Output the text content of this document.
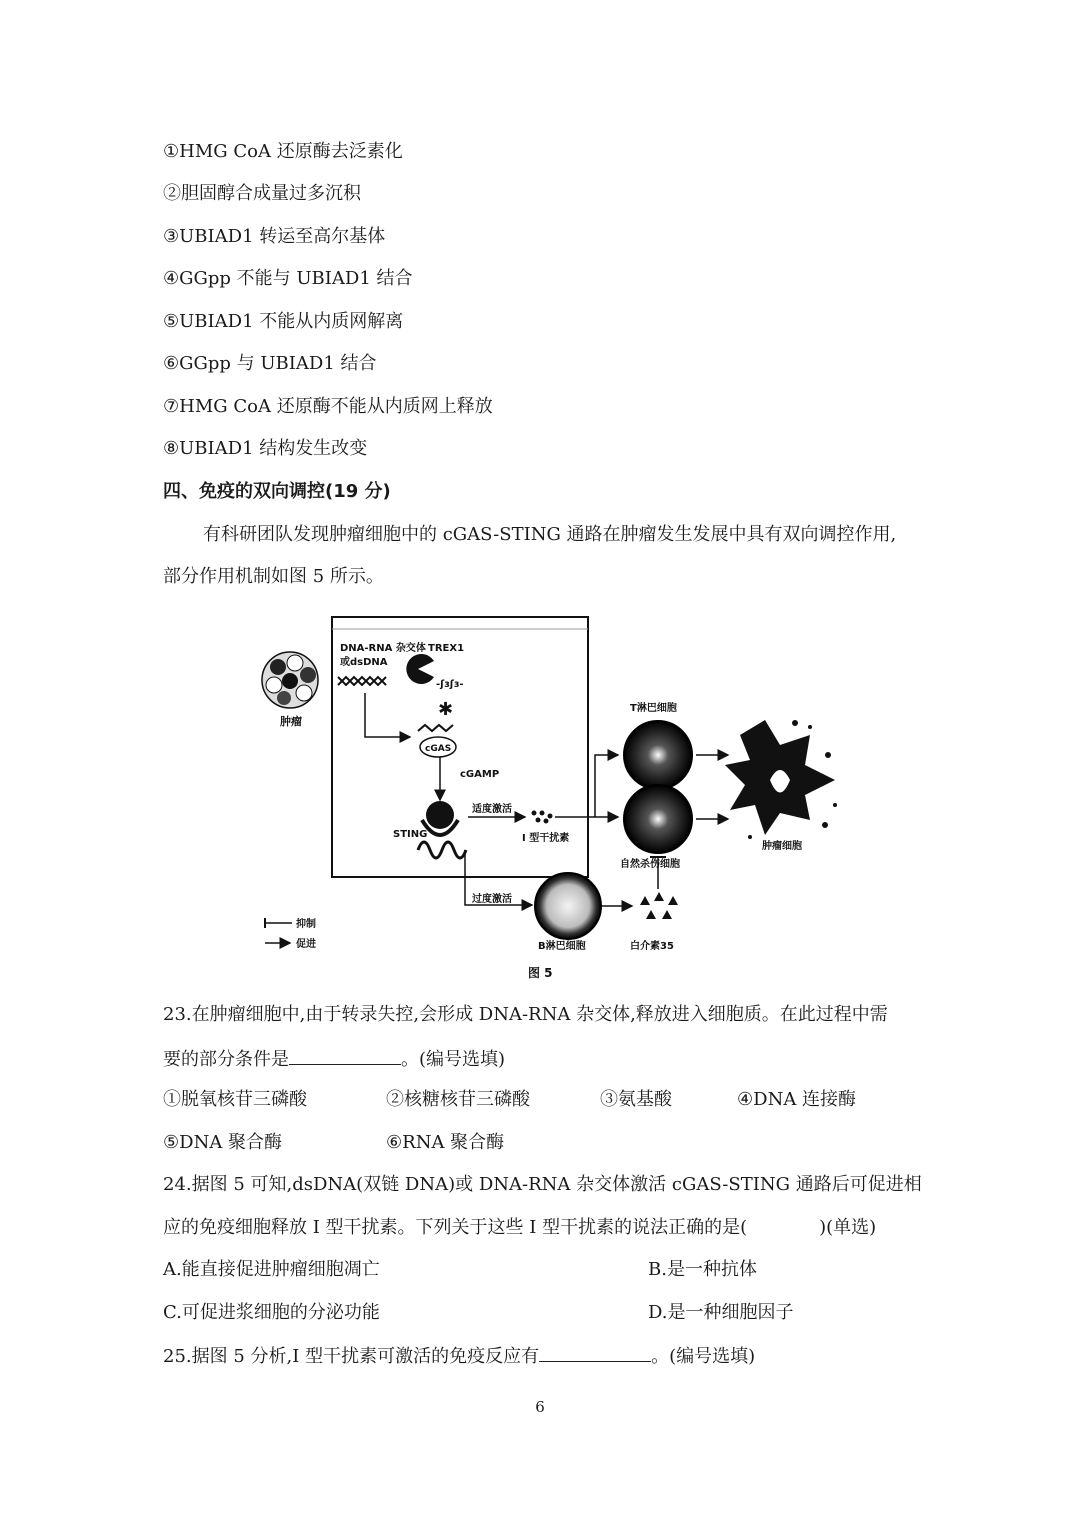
①HMG CoA 还原酶去泛素化
②胆固醇合成量过多沉积
③UBIAD1 转运至高尔基体
④GGpp 不能与 UBIAD1 结合
⑤UBIAD1 不能从内质网解离
⑥GGpp 与 UBIAD1 结合
⑦HMG CoA 还原酶不能从内质网上释放
⑧UBIAD1 结构发生改变
四、免疫的双向调控(19 分)
有科研团队发现肿瘤细胞中的 cGAS-STING 通路在肿瘤发生发展中具有双向调控作用,
部分作用机制如图 5 所示。
肿瘤
DNA-RNA 杂交体
或dsDNA
TREX1
-ʃɜʃɜ-
✱
cGAS
cGAMP
STING
适度激活
I 型干扰素
T淋巴细胞
自然杀伤细胞
肿瘤细胞
过度激活
B淋巴细胞	白介素35
抑制
促进
图 5
23.在肿瘤细胞中,由于转录失控,会形成 DNA-RNA 杂交体,释放进入细胞质。在此过程中需
要的部分条件是	。(编号选填)
①脱氧核苷三磷酸	②核糖核苷三磷酸	③氨基酸	④DNA 连接酶
⑤DNA 聚合酶	⑥RNA 聚合酶
24.据图 5 可知,dsDNA(双链 DNA)或 DNA-RNA 杂交体激活 cGAS-STING 通路后可促进相
应的免疫细胞释放 I 型干扰素。下列关于这些 I 型干扰素的说法正确的是(　　　　)(单选)
A.能直接促进肿瘤细胞凋亡	B.是一种抗体
C.可促进浆细胞的分泌功能	D.是一种细胞因子
25.据图 5 分析,I 型干扰素可激活的免疫反应有	。(编号选填)
6
